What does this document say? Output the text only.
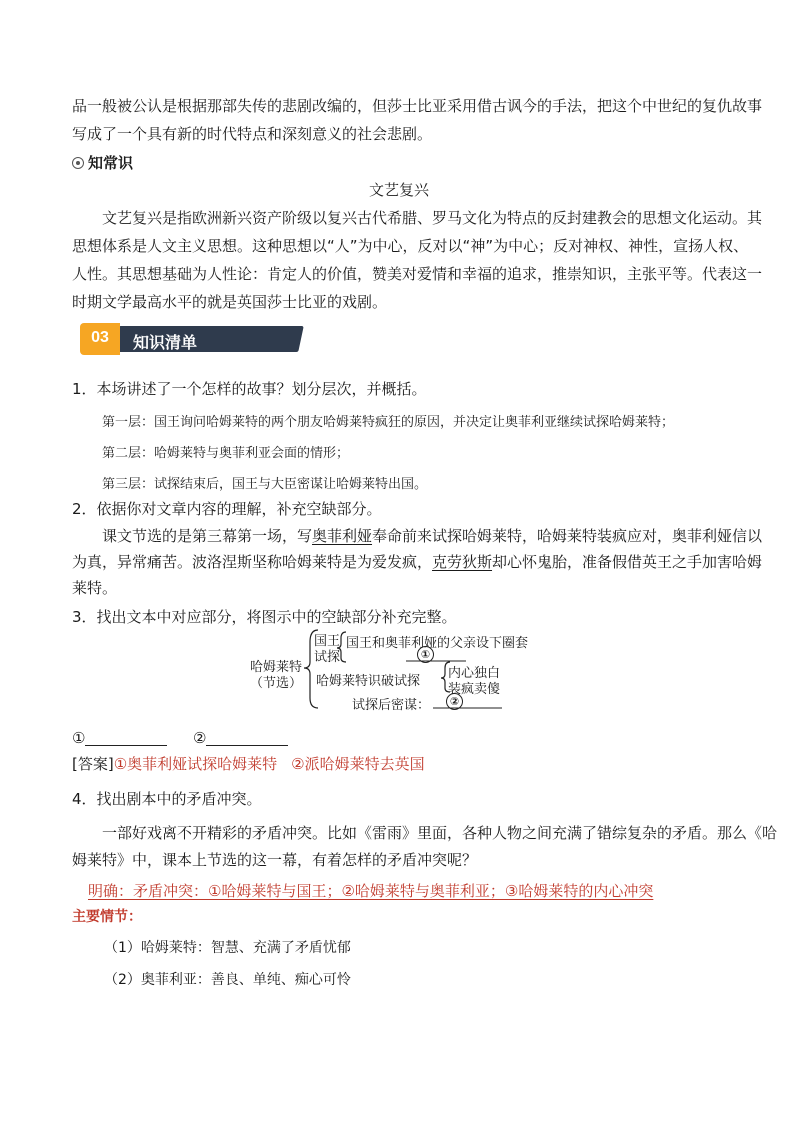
品一般被公认是根据那部失传的悲剧改编的，但莎士比亚采用借古讽今的手法，把这个中世纪的复仇故事
写成了一个具有新的时代特点和深刻意义的社会悲剧。
知常识
文艺复兴
文艺复兴是指欧洲新兴资产阶级以复兴古代希腊、罗马文化为特点的反封建教会的思想文化运动。其
思想体系是人文主义思想。这种思想以“人”为中心，反对以“神”为中心；反对神权、神性，宣扬人权、
人性。其思想基础为人性论：肯定人的价值，赞美对爱情和幸福的追求，推崇知识，主张平等。代表这一
时期文学最高水平的就是英国莎士比亚的戏剧。
03	知识清单
1．本场讲述了一个怎样的故事？划分层次，并概括。
第一层：国王询问哈姆莱特的两个朋友哈姆莱特疯狂的原因，并决定让奥菲利亚继续试探哈姆莱特；
第二层：哈姆莱特与奥菲利亚会面的情形；
第三层：试探结束后，国王与大臣密谋让哈姆莱特出国。
2．依据你对文章内容的理解，补充空缺部分。
课文节选的是第三幕第一场，写奥菲利娅奉命前来试探哈姆莱特，哈姆莱特装疯应对，奥菲利娅信以
为真，异常痛苦。波洛涅斯坚称哈姆莱特是为爱发疯，克劳狄斯却心怀鬼胎，准备假借英王之手加害哈姆
莱特。
3．找出文本中对应部分，将图示中的空缺部分补充完整。
哈姆莱特
（节选）
国王
试探
国王和奥菲利娅的父亲设下圈套
①
哈姆莱特识破试探
内心独白
装疯卖傻
试探后密谋：	②
①	②
[答案]①奥菲利娅试探哈姆莱特 ②派哈姆莱特去英国
4．找出剧本中的矛盾冲突。
一部好戏离不开精彩的矛盾冲突。比如《雷雨》里面，各种人物之间充满了错综复杂的矛盾。那么《哈
姆莱特》中，课本上节选的这一幕，有着怎样的矛盾冲突呢？
明确：矛盾冲突：①哈姆莱特与国王；②哈姆莱特与奥菲利亚；③哈姆莱特的内心冲突
主要情节：
（1）哈姆莱特：智慧、充满了矛盾忧郁
（2）奥菲利亚：善良、单纯、痴心可怜
